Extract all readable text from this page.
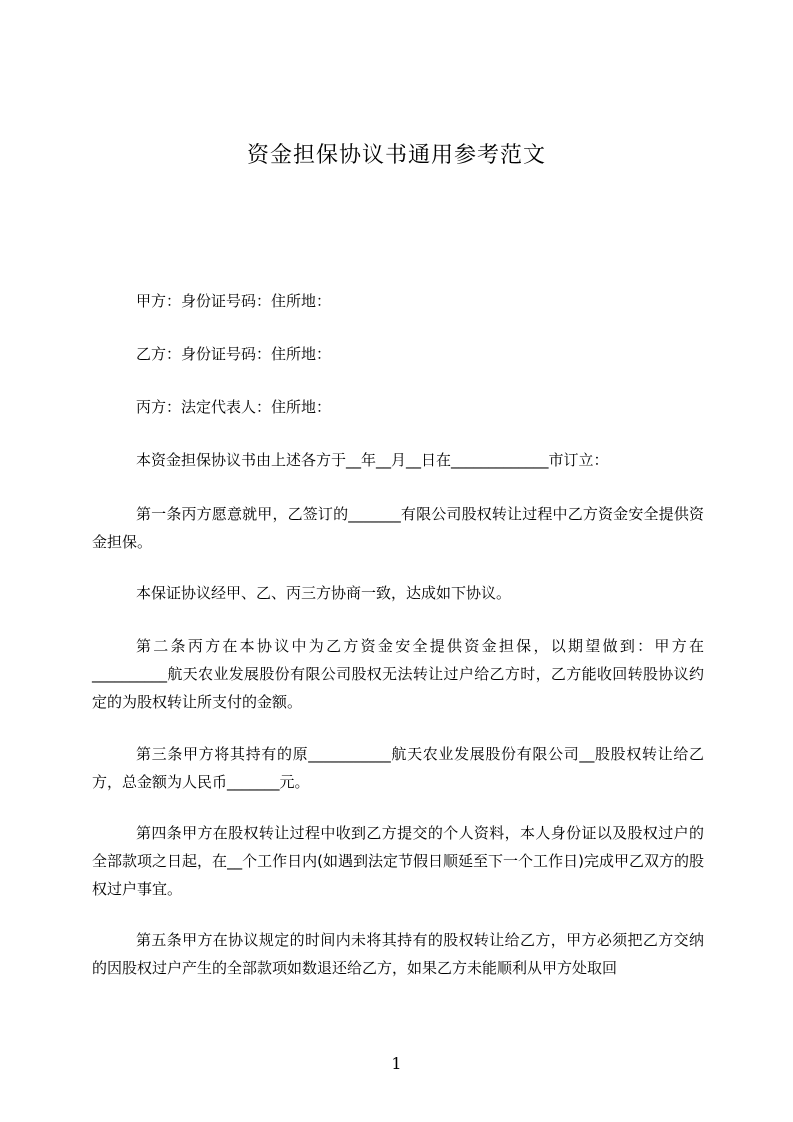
资金担保协议书通用参考范文

甲方：身份证号码：住所地：

乙方：身份证号码：住所地：

丙方：法定代表人：住所地：

本资金担保协议书由上述各方于__年__月__日在_____________市订立：

第一条丙方愿意就甲，乙签订的_______有限公司股权转让过程中乙方资金安全提供资金担保。

本保证协议经甲、乙、丙三方协商一致，达成如下协议。

第二条丙方在本协议中为乙方资金安全提供资金担保，以期望做到：甲方在__________航天农业发展股份有限公司股权无法转让过户给乙方时，乙方能收回转股协议约定的为股权转让所支付的金额。

第三条甲方将其持有的原___________航天农业发展股份有限公司__股股权转让给乙方，总金额为人民币_______元。

第四条甲方在股权转让过程中收到乙方提交的个人资料，本人身份证以及股权过户的全部款项之日起，在__个工作日内(如遇到法定节假日顺延至下一个工作日)完成甲乙双方的股权过户事宜。

第五条甲方在协议规定的时间内未将其持有的股权转让给乙方，甲方必须把乙方交纳的因股权过户产生的全部款项如数退还给乙方，如果乙方未能顺利从甲方处取回

1
